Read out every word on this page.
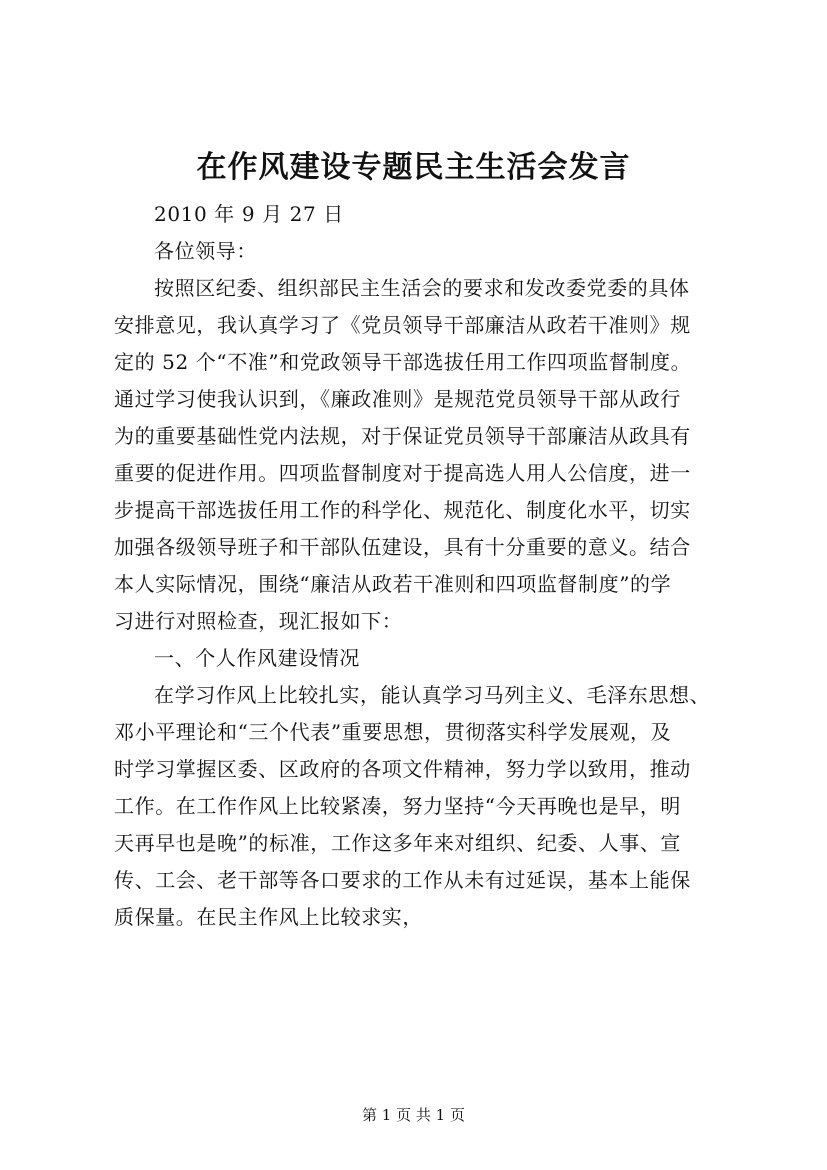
在作风建设专题民主生活会发言
2010 年 9 月 27 日
各位领导：
按照区纪委、组织部民主生活会的要求和发改委党委的具体
安排意见，我认真学习了《党员领导干部廉洁从政若干准则》规
定的 52 个“不准”和党政领导干部选拔任用工作四项监督制度。
通过学习使我认识到，《廉政准则》是规范党员领导干部从政行
为的重要基础性党内法规，对于保证党员领导干部廉洁从政具有
重要的促进作用。四项监督制度对于提高选人用人公信度，进一
步提高干部选拔任用工作的科学化、规范化、制度化水平，切实
加强各级领导班子和干部队伍建设，具有十分重要的意义。结合
本人实际情况，围绕“廉洁从政若干准则和四项监督制度”的学
习进行对照检查，现汇报如下：
一、个人作风建设情况
在学习作风上比较扎实，能认真学习马列主义、毛泽东思想、
邓小平理论和“三个代表”重要思想，贯彻落实科学发展观，及
时学习掌握区委、区政府的各项文件精神，努力学以致用，推动
工作。在工作作风上比较紧凑，努力坚持“今天再晚也是早，明
天再早也是晚”的标准，工作这多年来对组织、纪委、人事、宣
传、工会、老干部等各口要求的工作从未有过延误，基本上能保
质保量。在民主作风上比较求实，
第 1 页 共 1 页
